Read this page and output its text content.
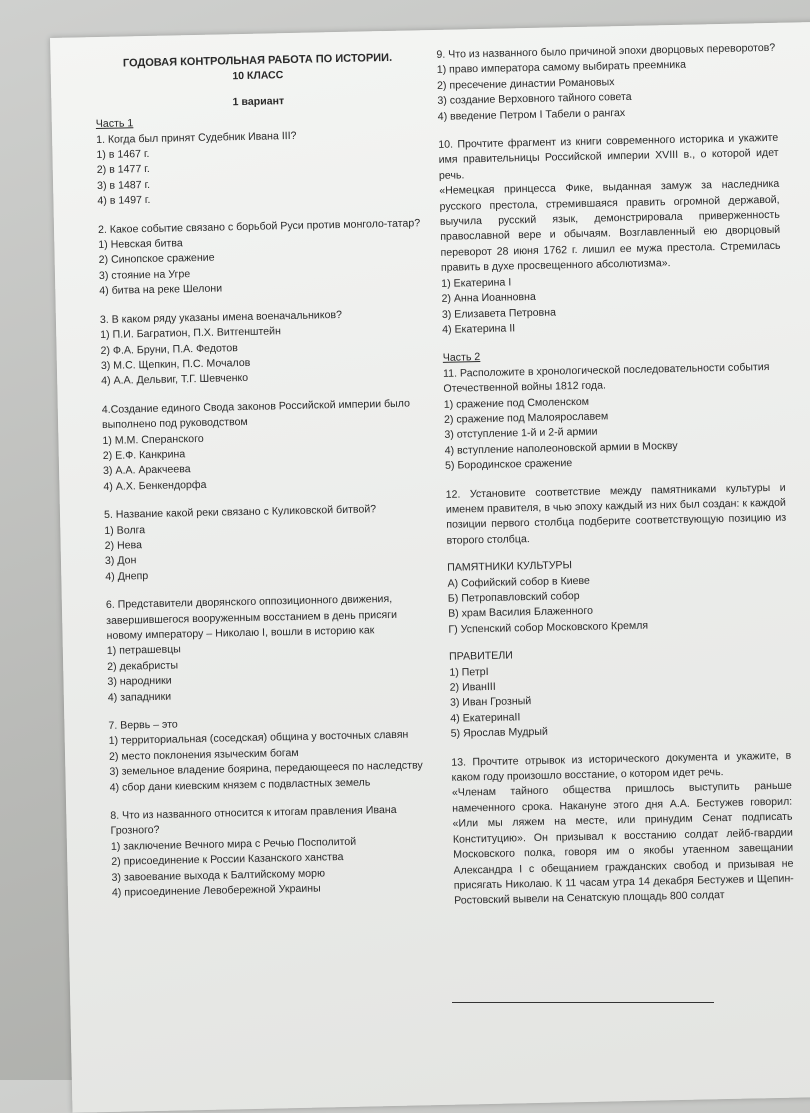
ГОДОВАЯ КОНТРОЛЬНАЯ РАБОТА ПО ИСТОРИИ.

10 КЛАСС

1 вариант

Часть 1

1. Когда был принят Судебник Ивана III?

1) в 1467 г.

2) в 1477 г.

3) в 1487 г.

4) в 1497 г.

2. Какое событие связано с борьбой Руси против монголо-татар?

1) Невская битва

2) Синопское сражение

3) стояние на Угре

4) битва на реке Шелони

3. В каком ряду указаны имена военачальников?

1) П.И. Багратион, П.Х. Витгенштейн

2) Ф.А. Бруни, П.А. Федотов

3) М.С. Щепкин, П.С. Мочалов

4) А.А. Дельвиг, Т.Г. Шевченко

4.Создание единого Свода законов Российской империи было выполнено под руководством

1) М.М. Сперанского

2) Е.Ф. Канкрина

3) А.А. Аракчеева

4) А.Х. Бенкендорфа

5. Название какой реки связано с Куликовской битвой?

1) Волга

2) Нева

3) Дон

4) Днепр

6. Представители дворянского оппозиционного движения, завершившегося вооруженным восстанием в день присяги новому императору – Николаю I, вошли в историю как

1) петрашевцы

2) декабристы

3) народники

4) западники

7. Вервь – это

1) территориальная (соседская) община у восточных славян

2) место поклонения языческим богам

3) земельное владение боярина, передающееся по наследству

4) сбор дани киевским князем с подвластных земель

8. Что из названного относится к итогам правления Ивана Грозного?

1) заключение Вечного мира с Речью Посполитой

2) присоединение к России Казанского ханства

3) завоевание выхода к Балтийскому морю

4) присоединение Левобережной Украины

9. Что из названного было причиной эпохи дворцовых переворотов?

1) право императора самому выбирать преемника

2) пресечение династии Романовых

3) создание Верховного тайного совета

4) введение Петром I Табели о рангах

10. Прочтите фрагмент из книги современного историка и укажите имя правительницы Российской империи XVIII в., о которой идет речь.

«Немецкая принцесса Фике, выданная замуж за наследника русского престола, стремившаяся править огромной державой, выучила русский язык, демонстрировала приверженность православной вере и обычаям. Возглавленный ею дворцовый переворот 28 июня 1762 г. лишил ее мужа престола. Стремилась править в духе просвещенного абсолютизма».

1) Екатерина I

2) Анна Иоанновна

3) Елизавета Петровна

4) Екатерина II

Часть 2

11. Расположите в хронологической последовательности события Отечественной войны 1812 года.

1) сражение под Смоленском

2) сражение под Малоярославем

3) отступление 1-й и 2-й армии

4) вступление наполеоновской армии в Москву

5) Бородинское сражение

12. Установите соответствие между памятниками культуры и именем правителя, в чью эпоху каждый из них был создан: к каждой позиции первого столбца подберите соответствующую позицию из второго столбца.

ПАМЯТНИКИ КУЛЬТУРЫ

А) Софийский собор в Киеве

Б) Петропавловский собор

В) храм Василия Блаженного

Г) Успенский собор Московского Кремля

ПРАВИТЕЛИ

1) ПетрI

2) ИванIII

3) Иван Грозный

4) ЕкатеринаII

5) Ярослав Мудрый

13. Прочтите отрывок из исторического документа и укажите, в каком году произошло восстание, о котором идет речь.

«Членам тайного общества пришлось выступить раньше намеченного срока. Накануне этого дня А.А. Бестужев говорил: «Или мы ляжем на месте, или принудим Сенат подписать Конституцию». Он призывал к восстанию солдат лейб-гвардии Московского полка, говоря им о якобы утаенном завещании Александра I с обещанием гражданских свобод и призывая не присягать Николаю. К 11 часам утра 14 декабря Бестужев и Щепин-Ростовский вывели на Сенатскую площадь 800 солдат
